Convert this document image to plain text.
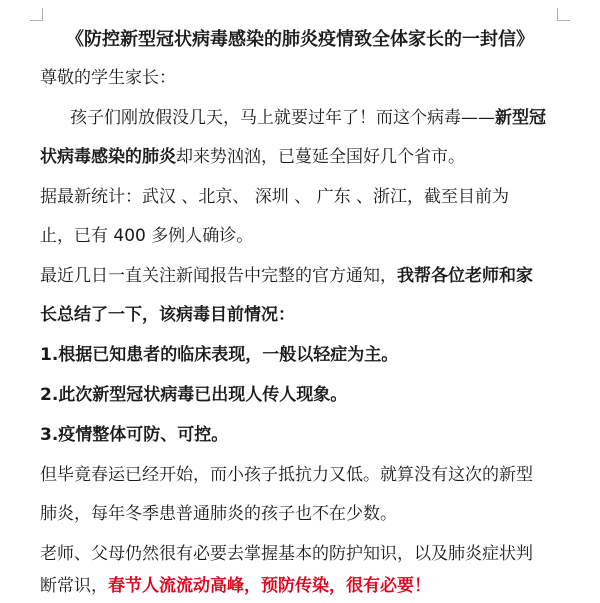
《防控新型冠状病毒感染的肺炎疫情致全体家长的一封信》
尊敬的学生家长：
孩子们刚放假没几天，马上就要过年了！而这个病毒——新型冠
状病毒感染的肺炎却来势汹汹，已蔓延全国好几个省市。
据最新统计：武汉 、北京、 深圳 、 广东 、浙江，截至目前为
止，已有 400 多例人确诊。
最近几日一直关注新闻报告中完整的官方通知，我帮各位老师和家
长总结了一下，该病毒目前情况：
1.根据已知患者的临床表现，一般以轻症为主。
2.此次新型冠状病毒已出现人传人现象。
3.疫情整体可防、可控。
但毕竟春运已经开始，而小孩子抵抗力又低。就算没有这次的新型
肺炎，每年冬季患普通肺炎的孩子也不在少数。
老师、父母仍然很有必要去掌握基本的防护知识，以及肺炎症状判
断常识，春节人流流动高峰，预防传染，很有必要！
